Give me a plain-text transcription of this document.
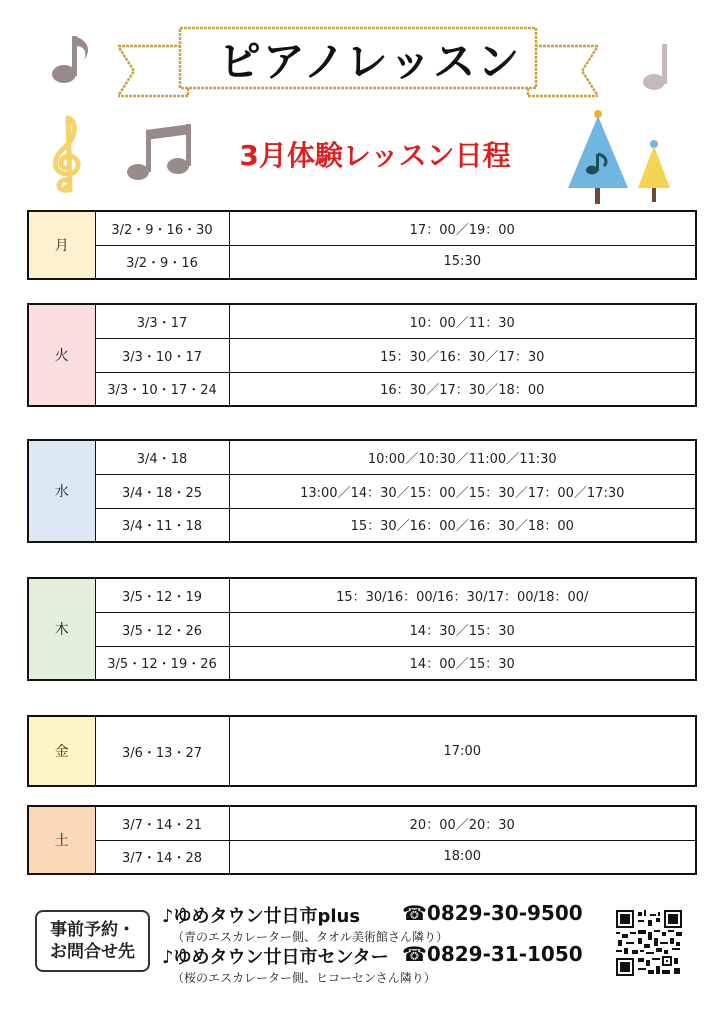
ピアノレッスン
3月体験レッスン日程
月	3/2・9・16・30	17：00／19：00
	3/2・9・16	15:30
火	3/3・17	10：00／11：30
	3/3・10・17	15：30／16：30／17：30
	3/3・10・17・24	16：30／17：30／18：00
水	3/4・18	10:00／10:30／11:00／11:30
	3/4・18・25	13:00／14：30／15：00／15：30／17：00／17:30
	3/4・11・18	15：30／16：00／16：30／18：00
木	3/5・12・19	15：30/16：00/16：30/17：00/18：00/
	3/5・12・26	14：30／15：30
	3/5・12・19・26	14：00／15：30
金	3/6・13・27	17:00
土	3/7・14・21	20：00／20：30
	3/7・14・28	18:00
事前予約・
お問合せ先
♪ゆめタウン廿日市plus
（青のエスカレーター側、タオル美術館さん隣り）
☎0829-30-9500
♪ゆめタウン廿日市センター
（桜のエスカレーター側、ヒコーセンさん隣り）
☎0829-31-1050
